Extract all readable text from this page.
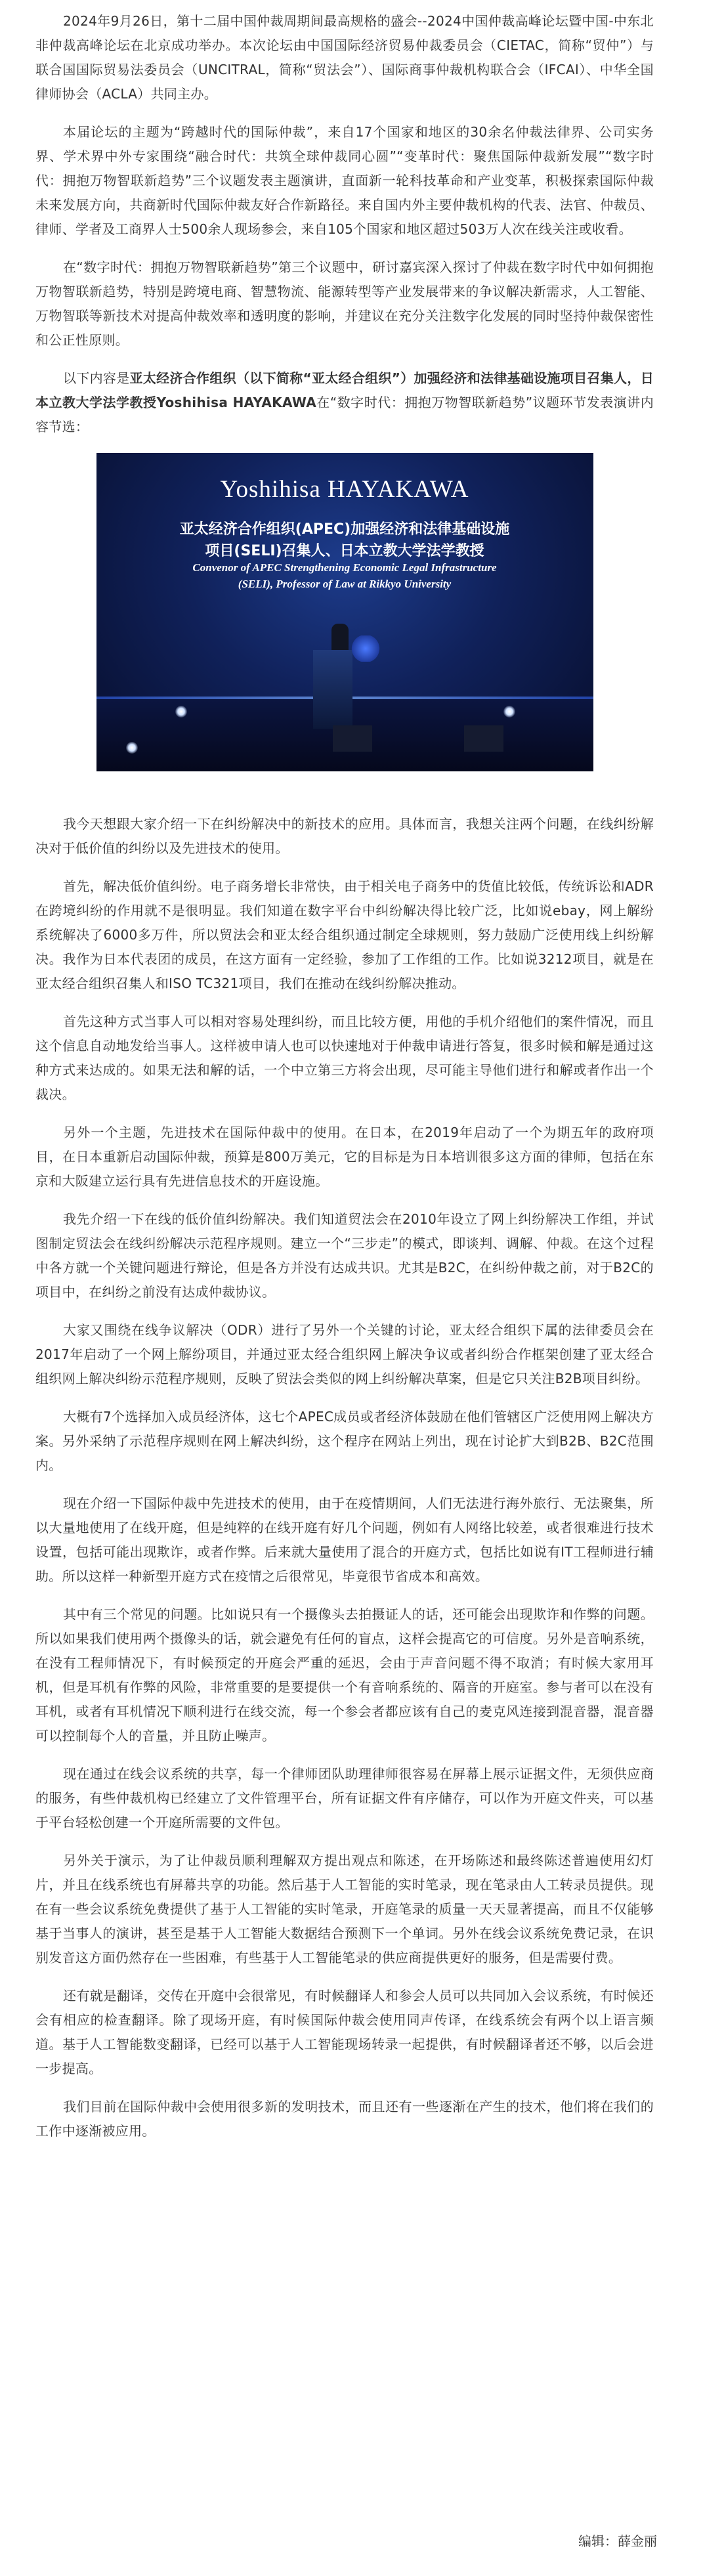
2024年9月26日，第十二届中国仲裁周期间最高规格的盛会--2024中国仲裁高峰论坛暨中国-中东北非仲裁高峰论坛在北京成功举办。本次论坛由中国国际经济贸易仲裁委员会（CIETAC，简称“贸仲”）与联合国国际贸易法委员会（UNCITRAL，简称“贸法会”）、国际商事仲裁机构联合会（IFCAI）、中华全国律师协会（ACLA）共同主办。

本届论坛的主题为“跨越时代的国际仲裁”，来自17个国家和地区的30余名仲裁法律界、公司实务界、学术界中外专家围绕“融合时代：共筑全球仲裁同心圆”“变革时代：聚焦国际仲裁新发展”“数字时代：拥抱万物智联新趋势”三个议题发表主题演讲，直面新一轮科技革命和产业变革，积极探索国际仲裁未来发展方向，共商新时代国际仲裁友好合作新路径。来自国内外主要仲裁机构的代表、法官、仲裁员、律师、学者及工商界人士500余人现场参会，来自105个国家和地区超过503万人次在线关注或收看。

在“数字时代：拥抱万物智联新趋势”第三个议题中，研讨嘉宾深入探讨了仲裁在数字时代中如何拥抱万物智联新趋势，特别是跨境电商、智慧物流、能源转型等产业发展带来的争议解决新需求，人工智能、万物智联等新技术对提高仲裁效率和透明度的影响，并建议在充分关注数字化发展的同时坚持仲裁保密性和公正性原则。

以下内容是亚太经济合作组织（以下简称“亚太经合组织”）加强经济和法律基础设施项目召集人，日本立教大学法学教授Yoshihisa HAYAKAWA在“数字时代：拥抱万物智联新趋势”议题环节发表演讲内容节选：

Yoshihisa HAYAKAWA
亚太经济合作组织(APEC)加强经济和法律基础设施
项目(SELI)召集人、日本立教大学法学教授
Convenor of APEC Strengthening Economic Legal Infrastructure
(SELI), Professor of Law at Rikkyo University

我今天想跟大家介绍一下在纠纷解决中的新技术的应用。具体而言，我想关注两个问题，在线纠纷解决对于低价值的纠纷以及先进技术的使用。

首先，解决低价值纠纷。电子商务增长非常快，由于相关电子商务中的货值比较低，传统诉讼和ADR在跨境纠纷的作用就不是很明显。我们知道在数字平台中纠纷解决得比较广泛，比如说ebay，网上解纷系统解决了6000多万件，所以贸法会和亚太经合组织通过制定全球规则，努力鼓励广泛使用线上纠纷解决。我作为日本代表团的成员，在这方面有一定经验，参加了工作组的工作。比如说3212项目，就是在亚太经合组织召集人和ISO TC321项目，我们在推动在线纠纷解决推动。

首先这种方式当事人可以相对容易处理纠纷，而且比较方便，用他的手机介绍他们的案件情况，而且这个信息自动地发给当事人。这样被申请人也可以快速地对于仲裁申请进行答复，很多时候和解是通过这种方式来达成的。如果无法和解的话，一个中立第三方将会出现，尽可能主导他们进行和解或者作出一个裁决。

另外一个主题，先进技术在国际仲裁中的使用。在日本，在2019年启动了一个为期五年的政府项目，在日本重新启动国际仲裁，预算是800万美元，它的目标是为日本培训很多这方面的律师，包括在东京和大阪建立运行具有先进信息技术的开庭设施。

我先介绍一下在线的低价值纠纷解决。我们知道贸法会在2010年设立了网上纠纷解决工作组，并试图制定贸法会在线纠纷解决示范程序规则。建立一个“三步走”的模式，即谈判、调解、仲裁。在这个过程中各方就一个关键问题进行辩论，但是各方并没有达成共识。尤其是B2C，在纠纷仲裁之前，对于B2C的项目中，在纠纷之前没有达成仲裁协议。

大家又围绕在线争议解决（ODR）进行了另外一个关键的讨论，亚太经合组织下属的法律委员会在2017年启动了一个网上解纷项目，并通过亚太经合组织网上解决争议或者纠纷合作框架创建了亚太经合组织网上解决纠纷示范程序规则，反映了贸法会类似的网上纠纷解决草案，但是它只关注B2B项目纠纷。

大概有7个选择加入成员经济体，这七个APEC成员或者经济体鼓励在他们管辖区广泛使用网上解决方案。另外采纳了示范程序规则在网上解决纠纷，这个程序在网站上列出，现在讨论扩大到B2B、B2C范围内。

现在介绍一下国际仲裁中先进技术的使用，由于在疫情期间，人们无法进行海外旅行、无法聚集，所以大量地使用了在线开庭，但是纯粹的在线开庭有好几个问题，例如有人网络比较差，或者很难进行技术设置，包括可能出现欺诈，或者作弊。后来就大量使用了混合的开庭方式，包括比如说有IT工程师进行辅助。所以这样一种新型开庭方式在疫情之后很常见，毕竟很节省成本和高效。

其中有三个常见的问题。比如说只有一个摄像头去拍摄证人的话，还可能会出现欺诈和作弊的问题。所以如果我们使用两个摄像头的话，就会避免有任何的盲点，这样会提高它的可信度。另外是音响系统，在没有工程师情况下，有时候预定的开庭会严重的延迟，会由于声音问题不得不取消；有时候大家用耳机，但是耳机有作弊的风险，非常重要的是要提供一个有音响系统的、隔音的开庭室。参与者可以在没有耳机，或者有耳机情况下顺利进行在线交流，每一个参会者都应该有自己的麦克风连接到混音器，混音器可以控制每个人的音量，并且防止噪声。

现在通过在线会议系统的共享，每一个律师团队助理律师很容易在屏幕上展示证据文件，无须供应商的服务，有些仲裁机构已经建立了文件管理平台，所有证据文件有序储存，可以作为开庭文件夹，可以基于平台轻松创建一个开庭所需要的文件包。

另外关于演示，为了让仲裁员顺利理解双方提出观点和陈述，在开场陈述和最终陈述普遍使用幻灯片，并且在线系统也有屏幕共享的功能。然后基于人工智能的实时笔录，现在笔录由人工转录员提供。现在有一些会议系统免费提供了基于人工智能的实时笔录，开庭笔录的质量一天天显著提高，而且不仅能够基于当事人的演讲，甚至是基于人工智能大数据结合预测下一个单词。另外在线会议系统免费记录，在识别发音这方面仍然存在一些困难，有些基于人工智能笔录的供应商提供更好的服务，但是需要付费。

还有就是翻译，交传在开庭中会很常见，有时候翻译人和参会人员可以共同加入会议系统，有时候还会有相应的检查翻译。除了现场开庭，有时候国际仲裁会使用同声传译，在线系统会有两个以上语言频道。基于人工智能数变翻译，已经可以基于人工智能现场转录一起提供，有时候翻译者还不够，以后会进一步提高。

我们目前在国际仲裁中会使用很多新的发明技术，而且还有一些逐渐在产生的技术，他们将在我们的工作中逐渐被应用。

编辑：薛金丽
